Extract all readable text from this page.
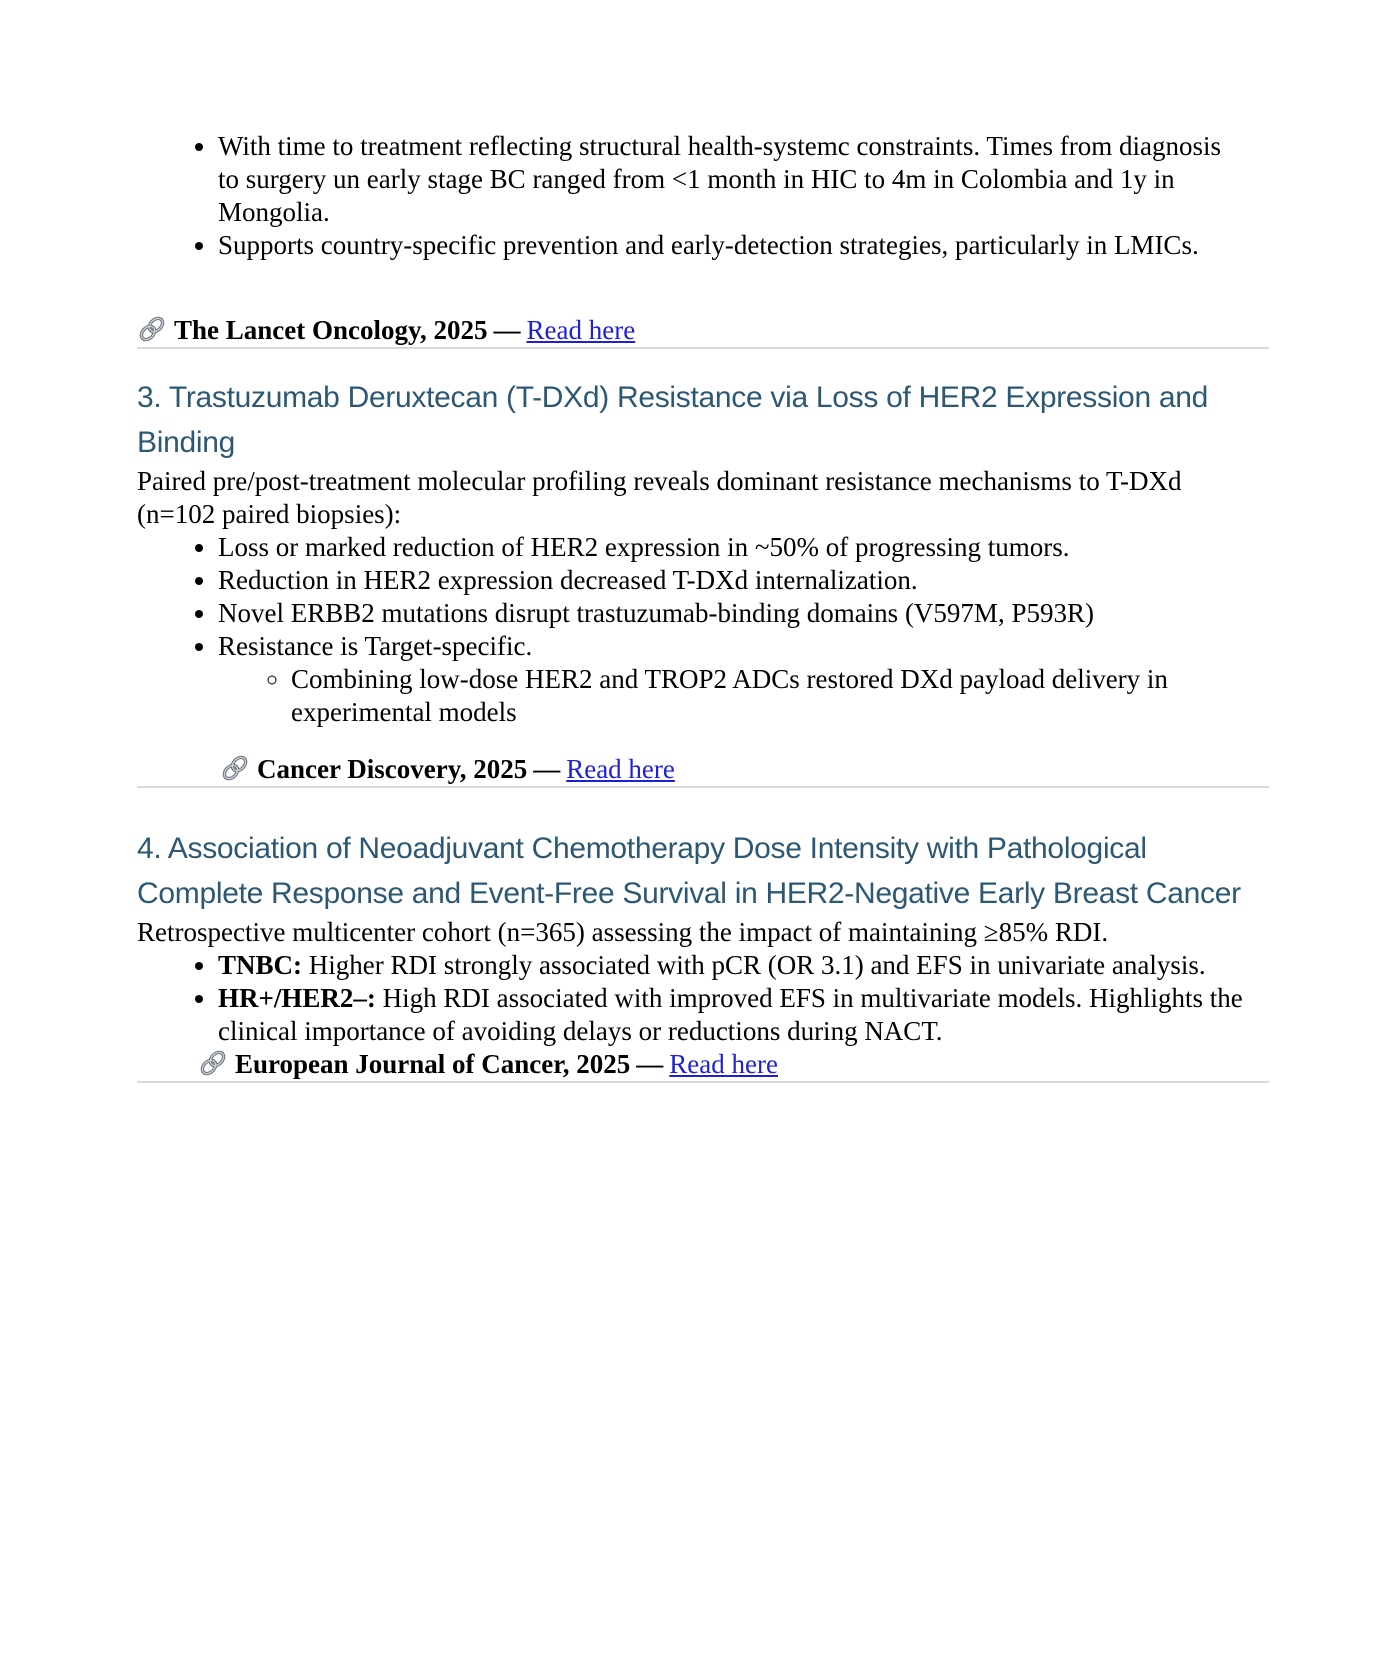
• With time to treatment reflecting structural health-systemc constraints. Times from diagnosis to surgery un early stage BC ranged from <1 month in HIC to 4m in Colombia and 1y in Mongolia.
• Supports country-specific prevention and early-detection strategies, particularly in LMICs.

The Lancet Oncology, 2025 — Read here

3. Trastuzumab Deruxtecan (T-DXd) Resistance via Loss of HER2 Expression and Binding

Paired pre/post-treatment molecular profiling reveals dominant resistance mechanisms to T-DXd (n=102 paired biopsies):

• Loss or marked reduction of HER2 expression in ~50% of progressing tumors.
• Reduction in HER2 expression decreased T-DXd internalization.
• Novel ERBB2 mutations disrupt trastuzumab-binding domains (V597M, P593R)
• Resistance is Target-specific.
◦ Combining low-dose HER2 and TROP2 ADCs restored DXd payload delivery in experimental models

Cancer Discovery, 2025 — Read here

4. Association of Neoadjuvant Chemotherapy Dose Intensity with Pathological Complete Response and Event-Free Survival in HER2-Negative Early Breast Cancer

Retrospective multicenter cohort (n=365) assessing the impact of maintaining ≥85% RDI.

• TNBC: Higher RDI strongly associated with pCR (OR 3.1) and EFS in univariate analysis.
• HR+/HER2–: High RDI associated with improved EFS in multivariate models. Highlights the clinical importance of avoiding delays or reductions during NACT.
European Journal of Cancer, 2025 — Read here
